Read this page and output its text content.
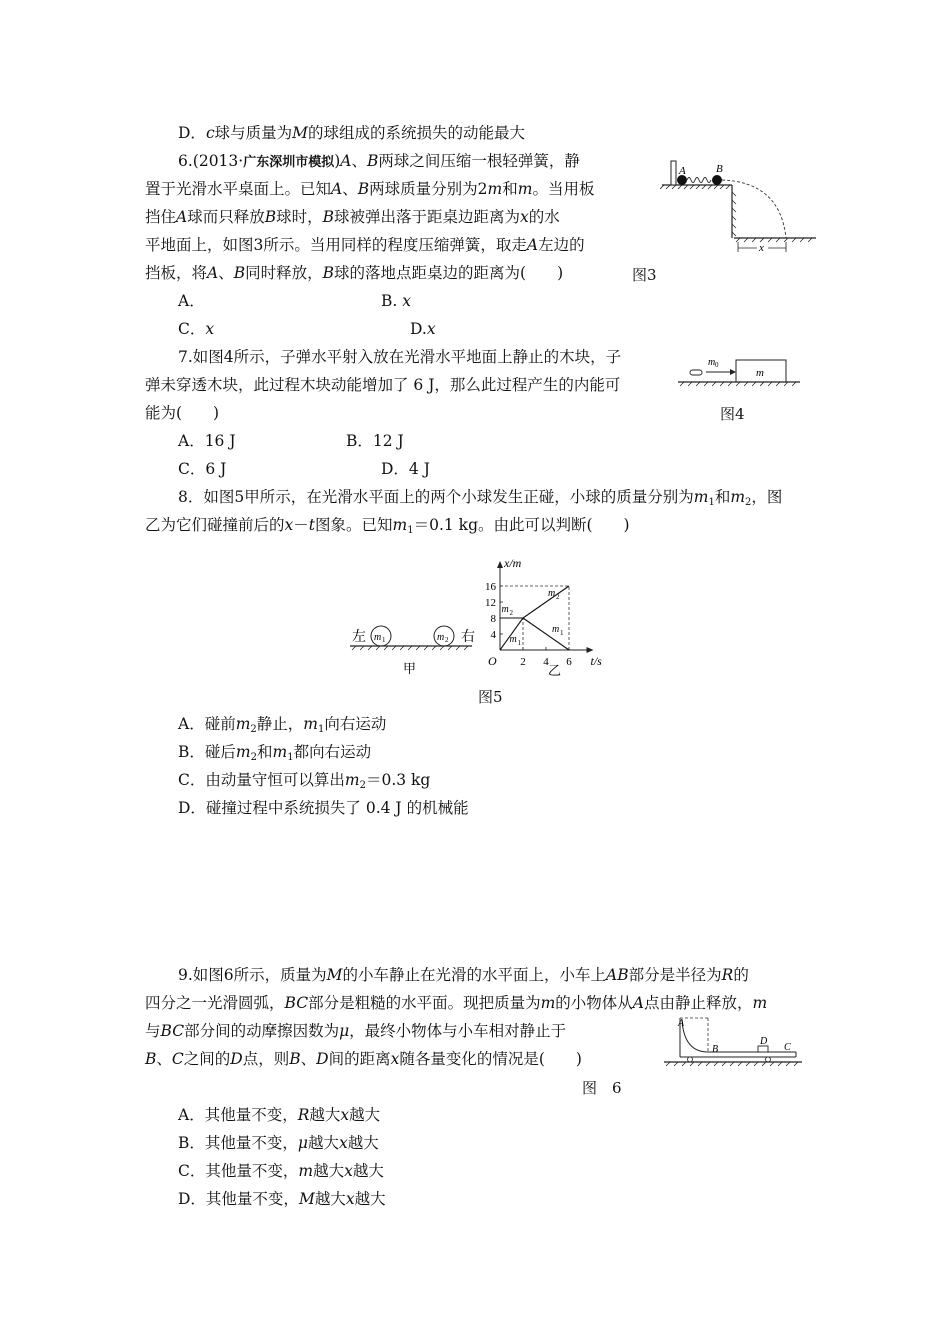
D．c球与质量为M的球组成的系统损失的动能最大
6.(2013·广东深圳市模拟)A、B两球之间压缩一根轻弹簧，静
置于光滑水平桌面上。已知A、B两球质量分别为2m和m。当用板
挡住A球而只释放B球时，B球被弹出落于距桌边距离为x的水
平地面上，如图3所示。当用同样的程度压缩弹簧，取走A左边的
挡板，将A、B同时释放，B球的落地点距桌边的距离为(　　)	图3
A	B
x
A．	B. x
C．x	D.x
7.如图4所示，子弹水平射入放在光滑水平地面上静止的木块，子
弹未穿透木块，此过程木块动能增加了 6 J，那么此过程产生的内能可
能为(　　)	图4
m 0
m
A．16 J	B．12 J
C．6 J	D．4 J
8．如图5甲所示，在光滑水平面上的两个小球发生正碰，小球的质量分别为$m_1$和$m_2$，图
乙为它们碰撞前后的x－t图象。已知$m_1=0.1$ kg。由此可以判断(　　)
左 m 1	m 2 右
甲
x/m
t/s
O
乙
4
8
12
16
2 4 6
m 1
m 2
m 1
m 2
图5
A．碰前$m_2$静止，$m_1$向右运动
B．碰后$m_2$和$m_1$都向右运动
C．由动量守恒可以算出$m_2=0.3$ kg
D．碰撞过程中系统损失了 0.4 J 的机械能
9.如图6所示，质量为M的小车静止在光滑的水平面上，小车上AB部分是半径为R的
四分之一光滑圆弧，BC部分是粗糙的水平面。现把质量为m的小物体从A点由静止释放，m
与BC部分间的动摩擦因数为μ，最终小物体与小车相对静止于
B、C之间的D点，则B、D间的距离x随各量变化的情况是(　　)
图　6
A
B
D
C
A．其他量不变，R越大x越大
B．其他量不变，μ越大x越大
C．其他量不变，m越大x越大
D．其他量不变，M越大x越大
